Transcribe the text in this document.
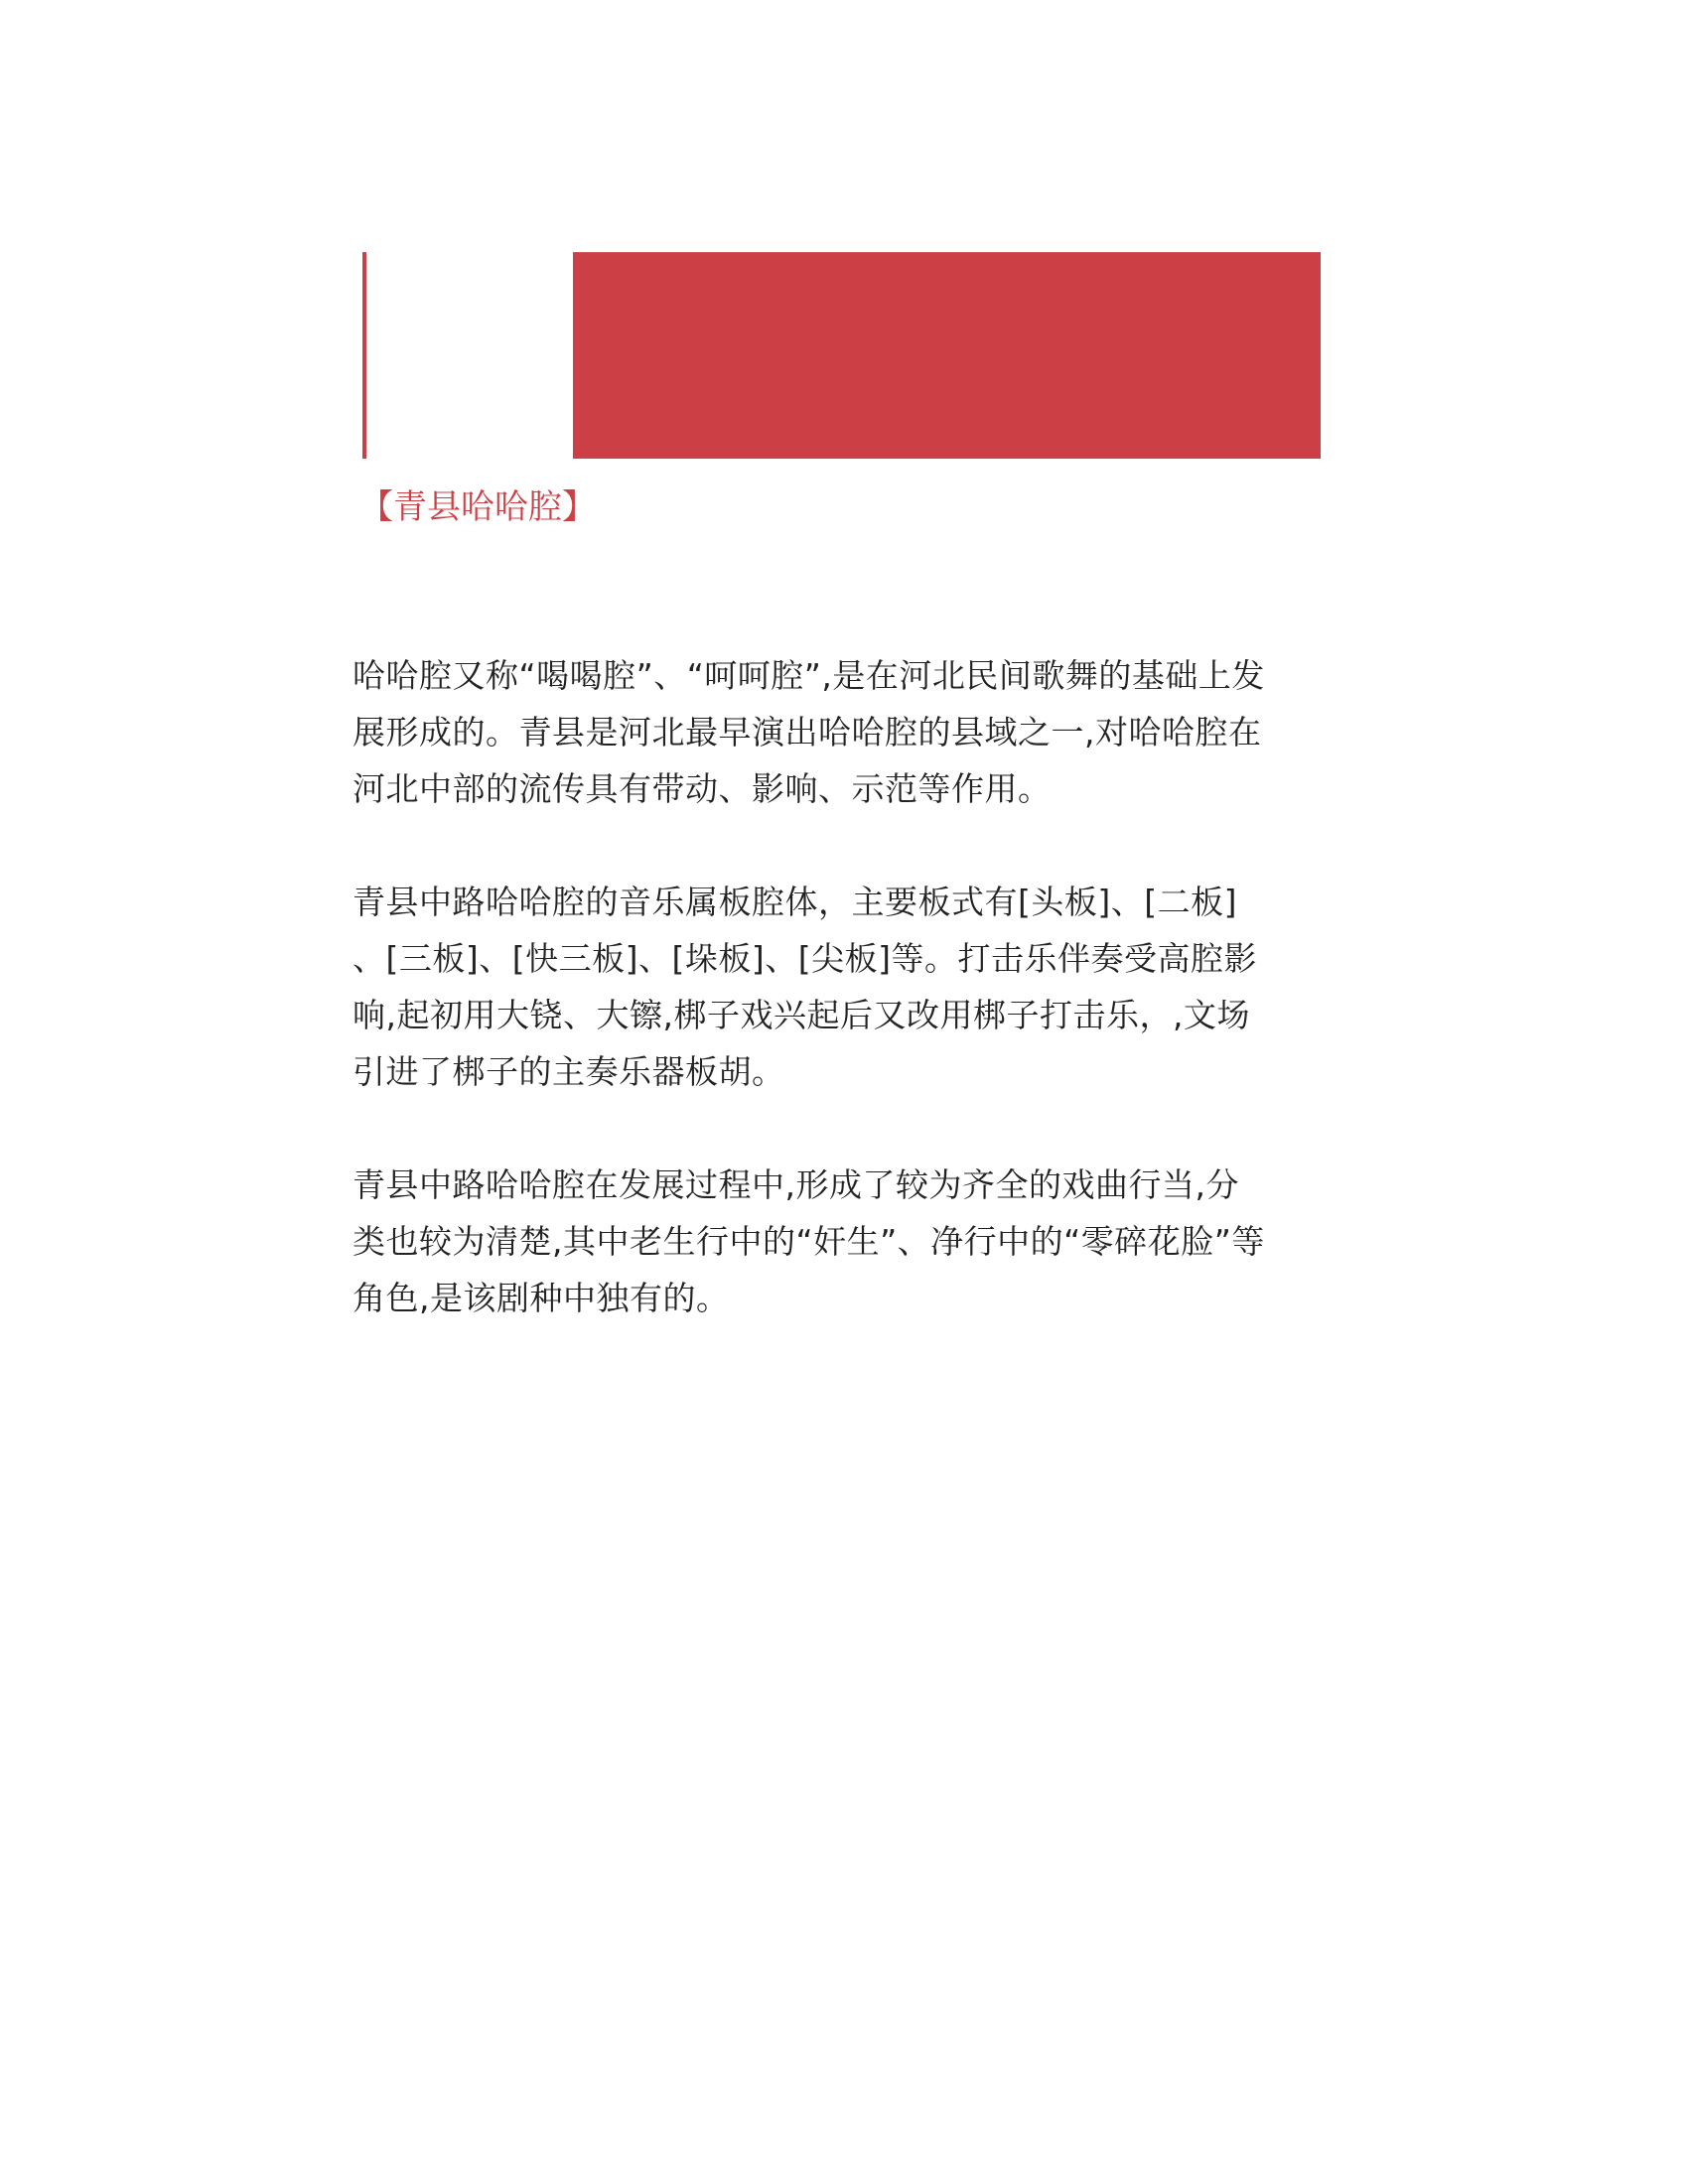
【青县哈哈腔】

哈哈腔又称“喝喝腔”、“呵呵腔”,是在河北民间歌舞的基础上发
展形成的。青县是河北最早演出哈哈腔的县域之一,对哈哈腔在
河北中部的流传具有带动、影响、示范等作用。

青县中路哈哈腔的音乐属板腔体，主要板式有[头板]、[二板]
、[三板]、[快三板]、[垛板]、[尖板]等。打击乐伴奏受高腔影
响,起初用大铙、大镲,梆子戏兴起后又改用梆子打击乐，,文场
引进了梆子的主奏乐器板胡。

青县中路哈哈腔在发展过程中,形成了较为齐全的戏曲行当,分
类也较为清楚,其中老生行中的“奸生”、净行中的“零碎花脸”等
角色,是该剧种中独有的。
